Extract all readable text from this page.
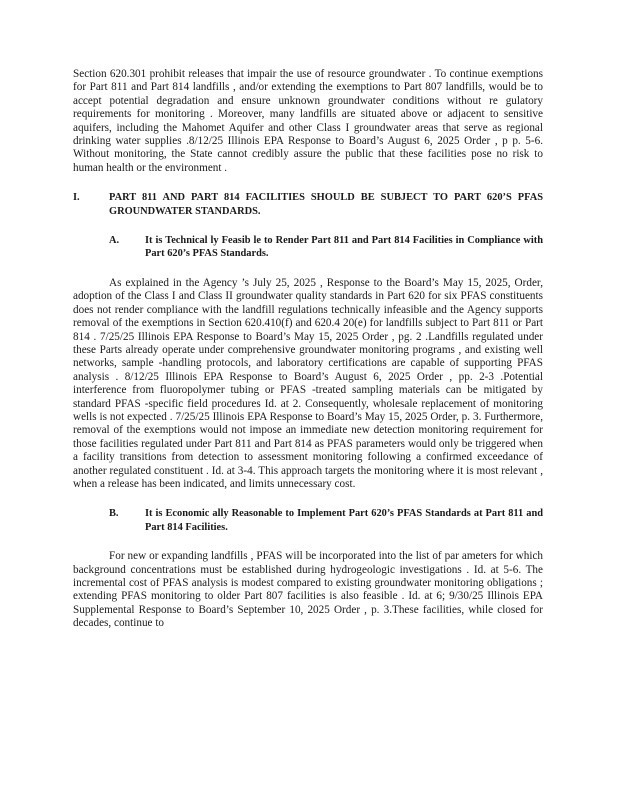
Section 620.301 prohibit releases that impair the use of resource groundwater . To continue exemptions for Part 811 and Part 814 landfills , and/or extending the exemptions to Part 807 landfills, would be to accept potential degradation and ensure unknown groundwater conditions without re gulatory requirements for monitoring . Moreover, many landfills are situated above or adjacent to sensitive aquifers, including the Mahomet Aquifer and other Class I groundwater areas that serve as regional drinking water supplies .8/12/25 Illinois EPA Response to Board’s August 6, 2025 Order , p p. 5-6. Without monitoring, the State cannot credibly assure the public that these facilities pose no risk to human health or the environment .

I.	PART 811 AND PART 814 FACILITIES SHOULD BE SUBJECT TO PART 620’S PFAS GROUNDWATER STANDARDS.
A.	It is Technical ly Feasib le to Render Part 811 and Part 814 Facilities in Compliance with Part 620’s PFAS Standards.

As explained in the Agency ’s July 25, 2025 , Response to the Board’s May 15, 2025, Order, adoption of the Class I and Class II groundwater quality standards in Part 620 for six PFAS constituents does not render compliance with the landfill regulations technically infeasible and the Agency supports removal of the exemptions in Section 620.410(f) and 620.4 20(e) for landfills subject to Part 811 or Part 814 . 7/25/25 Illinois EPA Response to Board’s May 15, 2025 Order , pg. 2 .Landfills regulated under these Parts already operate under comprehensive groundwater monitoring programs , and existing well networks, sample -handling protocols, and laboratory certifications are capable of supporting PFAS analysis . 8/12/25 Illinois EPA Response to Board’s August 6, 2025 Order , pp. 2-3 .Potential interference from fluoropolymer tubing or PFAS -treated sampling materials can be mitigated by standard PFAS -specific field procedures Id. at 2. Consequently, wholesale replacement of monitoring wells is not expected . 7/25/25 Illinois EPA Response to Board’s May 15, 2025 Order, p. 3. Furthermore, removal of the exemptions would not impose an immediate new detection monitoring requirement for those facilities regulated under Part 811 and Part 814 as PFAS parameters would only be triggered when a facility transitions from detection to assessment monitoring following a confirmed exceedance of another regulated constituent . Id. at 3-4. This approach targets the monitoring where it is most relevant , when a release has been indicated, and limits unnecessary cost.

B.	It is Economic ally Reasonable to Implement Part 620’s PFAS Standards at Part 811 and Part 814 Facilities.

For new or expanding landfills , PFAS will be incorporated into the list of par ameters for which background concentrations must be established during hydrogeologic investigations . Id. at 5-6. The incremental cost of PFAS analysis is modest compared to existing groundwater monitoring obligations ; extending PFAS monitoring to older Part 807 facilities is also feasible . Id. at 6; 9/30/25 Illinois EPA Supplemental Response to Board’s September 10, 2025 Order , p. 3.These facilities, while closed for decades, continue to
